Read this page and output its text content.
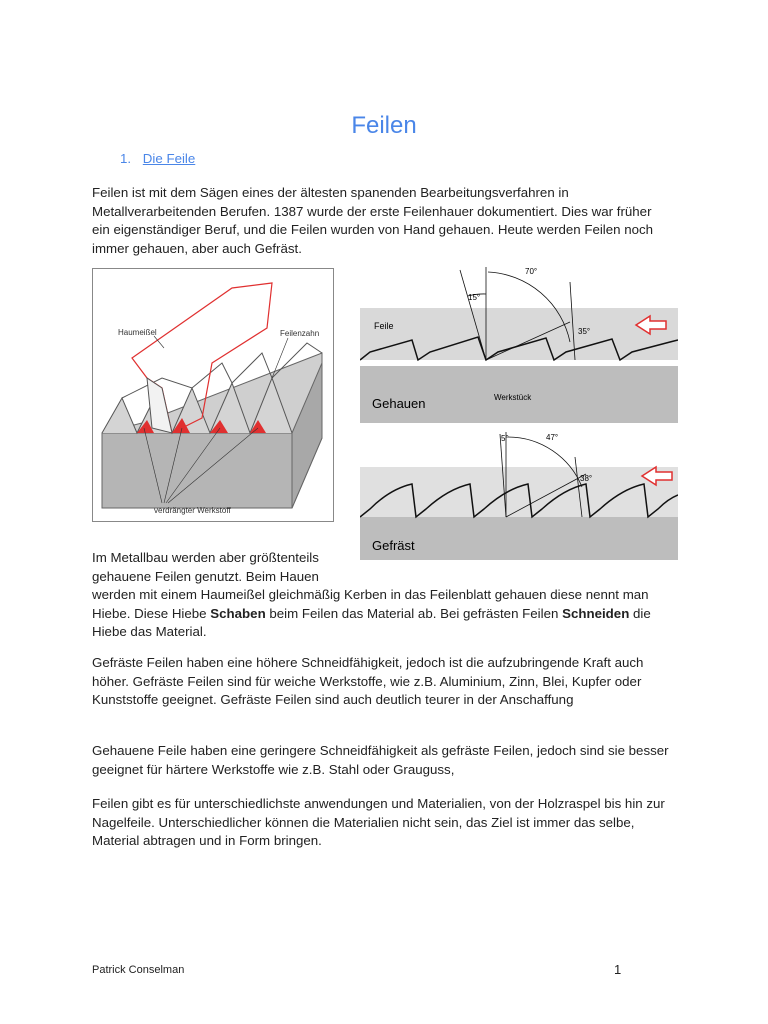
Feilen
1. Die Feile

Feilen ist mit dem Sägen eines der ältesten spanenden Bearbeitungsverfahren in Metallverarbeitenden Berufen. 1387 wurde der erste Feilenhauer dokumentiert. Dies war früher ein eigenständiger Beruf, und die Feilen wurden von Hand gehauen. Heute werden Feilen noch immer gehauen, aber auch Gefräst.

Haumeißel	Feilenzahn
verdrängter Werkstoff
70°
15°
35°
Feile
Werkstück
Gehauen
5°	47°
38°
Gefräst

Im Metallbau werden aber größtenteils gehauene Feilen genutzt. Beim Hauen

werden mit einem Haumeißel gleichmäßig Kerben in das Feilenblatt gehauen diese nennt man Hiebe. Diese Hiebe Schaben beim Feilen das Material ab. Bei gefrästen Feilen Schneiden die Hiebe das Material.

Gefräste Feilen haben eine höhere Schneidfähigkeit, jedoch ist die aufzubringende Kraft auch höher. Gefräste Feilen sind für weiche Werkstoffe, wie z.B. Aluminium, Zinn, Blei, Kupfer oder Kunststoffe geeignet. Gefräste Feilen sind auch deutlich teurer in der Anschaffung

Gehauene Feile haben eine geringere Schneidfähigkeit als gefräste Feilen, jedoch sind sie besser geeignet für härtere Werkstoffe wie z.B. Stahl oder Grauguss,

Feilen gibt es für unterschiedlichste anwendungen und Materialien, von der Holzraspel bis hin zur Nagelfeile. Unterschiedlicher können die Materialien nicht sein, das Ziel ist immer das selbe, Material abtragen und in Form bringen.

Patrick Conselman	1
